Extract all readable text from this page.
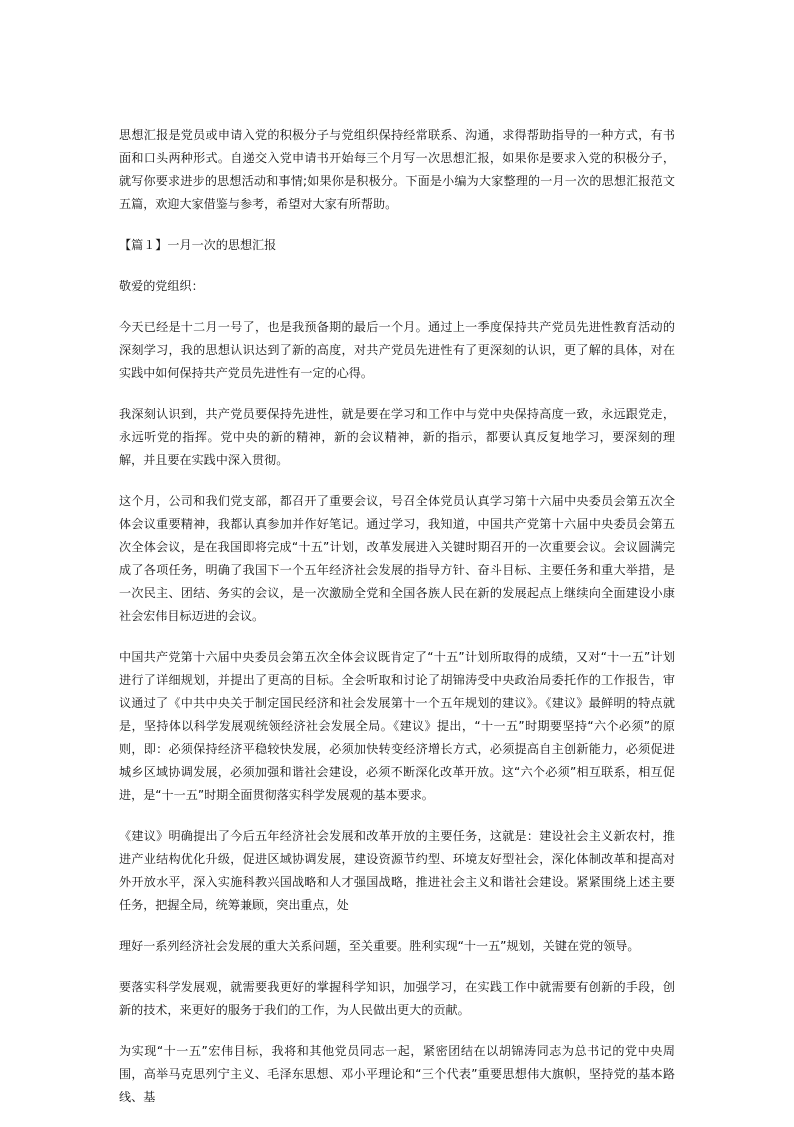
思想汇报是党员或申请入党的积极分子与党组织保持经常联系、沟通，求得帮助指导的一种方式，有书面和口头两种形式。自递交入党申请书开始每三个月写一次思想汇报，如果你是要求入党的积极分子，就写你要求进步的思想活动和事情;如果你是积极分。下面是小编为大家整理的一月一次的思想汇报范文五篇，欢迎大家借鉴与参考，希望对大家有所帮助。

【篇１】一月一次的思想汇报

敬爱的党组织：

今天已经是十二月一号了，也是我预备期的最后一个月。通过上一季度保持共产党员先进性教育活动的深刻学习，我的思想认识达到了新的高度，对共产党员先进性有了更深刻的认识，更了解的具体，对在实践中如何保持共产党员先进性有一定的心得。

我深刻认识到，共产党员要保持先进性，就是要在学习和工作中与党中央保持高度一致，永远跟党走，永远听党的指挥。党中央的新的精神，新的会议精神，新的指示，都要认真反复地学习，要深刻的理解，并且要在实践中深入贯彻。

这个月，公司和我们党支部，都召开了重要会议，号召全体党员认真学习第十六届中央委员会第五次全体会议重要精神，我都认真参加并作好笔记。通过学习，我知道，中国共产党第十六届中央委员会第五次全体会议，是在我国即将完成“十五”计划，改革发展进入关键时期召开的一次重要会议。会议圆满完成了各项任务，明确了我国下一个五年经济社会发展的指导方针、奋斗目标、主要任务和重大举措，是一次民主、团结、务实的会议，是一次激励全党和全国各族人民在新的发展起点上继续向全面建设小康社会宏伟目标迈进的会议。

中国共产党第十六届中央委员会第五次全体会议既肯定了“十五”计划所取得的成绩，又对“十一五”计划进行了详细规划，并提出了更高的目标。全会听取和讨论了胡锦涛受中央政治局委托作的工作报告，审议通过了《中共中央关于制定国民经济和社会发展第十一个五年规划的建议》。《建议》最鲜明的特点就是，坚持体以科学发展观统领经济社会发展全局。《建议》提出，“十一五”时期要坚持“六个必须”的原则，即：必须保持经济平稳较快发展，必须加快转变经济增长方式，必须提高自主创新能力，必须促进城乡区域协调发展，必须加强和谐社会建设，必须不断深化改革开放。这“六个必须”相互联系，相互促进，是“十一五”时期全面贯彻落实科学发展观的基本要求。

《建议》明确提出了今后五年经济社会发展和改革开放的主要任务，这就是：建设社会主义新农村，推进产业结构优化升级，促进区域协调发展，建设资源节约型、环境友好型社会，深化体制改革和提高对外开放水平，深入实施科教兴国战略和人才强国战略，推进社会主义和谐社会建设。紧紧围绕上述主要任务，把握全局，统筹兼顾，突出重点，处

理好一系列经济社会发展的重大关系问题，至关重要。胜利实现“十一五”规划，关键在党的领导。

要落实科学发展观，就需要我更好的掌握科学知识，加强学习，在实践工作中就需要有创新的手段，创新的技术，来更好的服务于我们的工作，为人民做出更大的贡献。

为实现“十一五”宏伟目标，我将和其他党员同志一起，紧密团结在以胡锦涛同志为总书记的党中央周围，高举马克思列宁主义、毛泽东思想、邓小平理论和“三个代表”重要思想伟大旗帜，坚持党的基本路线、基
